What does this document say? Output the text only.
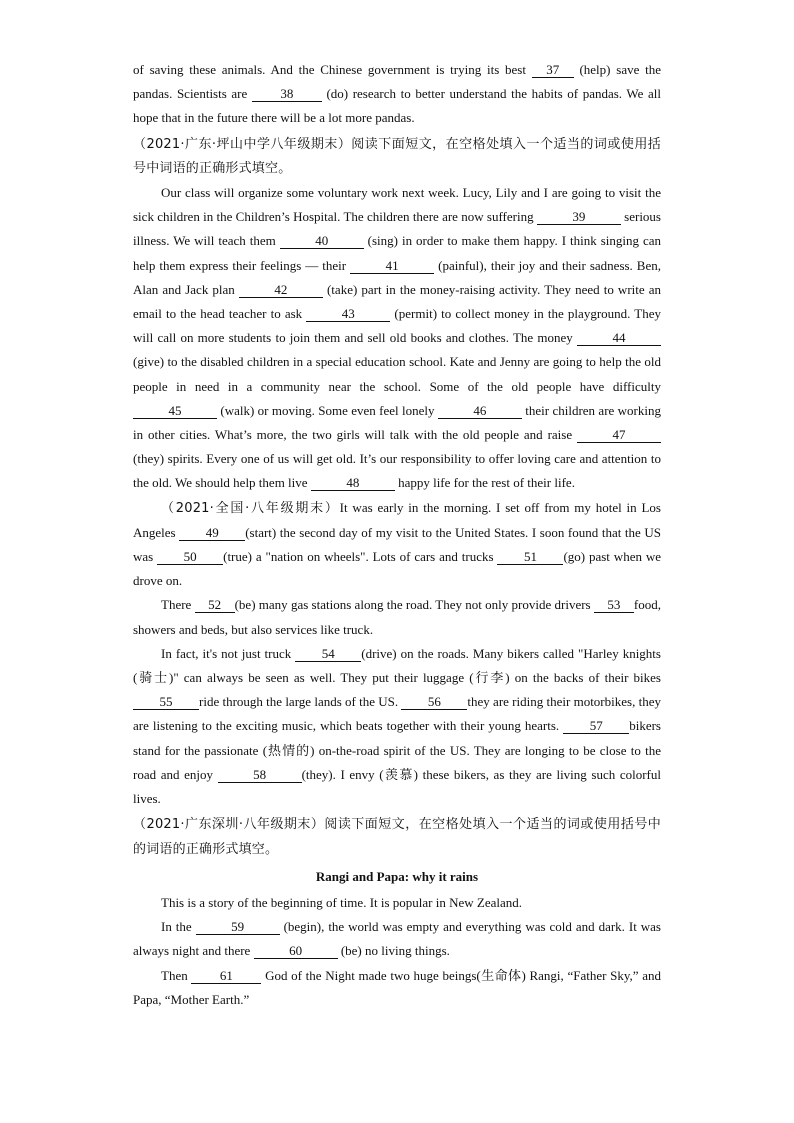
of saving these animals. And the Chinese government is trying its best 37 (help) save the pandas. Scientists are 38 (do) research to better understand the habits of pandas. We all hope that in the future there will be a lot more pandas.

（2021·广东·坪山中学八年级期末）阅读下面短文，在空格处填入一个适当的词或使用括号中词语的正确形式填空。

Our class will organize some voluntary work next week. Lucy, Lily and I are going to visit the sick children in the Children’s Hospital. The children there are now suffering	39	serious illness. We will teach them	40	(sing) in order to make them happy. I think singing can help them express their feelings — their	41	(painful), their joy and their sadness. Ben, Alan and Jack plan	42	(take) part in the money-raising activity. They need to write an email to the head teacher to ask	43	(permit) to collect money in the playground. They will call on more students to join them and sell old books and clothes. The money	44 (give) to the disabled children in a special education school. Kate and Jenny are going to help the old people in need in a community near the school. Some of the old people have difficulty 45	(walk) or moving. Some even feel lonely	46	their children are working in other cities. What’s more, the two girls will talk with the old people and raise	47 (they) spirits. Every one of us will get old. It’s our responsibility to offer loving care and attention to the old. We should help them live	48	happy life for the rest of their life.

（2021·全国·八年级期末）It was early in the morning. I set off from my hotel in Los Angeles 49 (start) the second day of my visit to the United States. I soon found that the US was 50 (true) a "nation on wheels". Lots of cars and trucks 51 (go) past when we drove on.

There 52 (be) many gas stations along the road. They not only provide drivers 53 food, showers and beds, but also services like truck.

In fact, it's not just truck 54 (drive) on the roads. Many bikers called "Harley knights (骑士)" can always be seen as well. They put their luggage (行李) on the backs of their bikes 55 ride through the large lands of the US. 56 they are riding their motorbikes, they are listening to the exciting music, which beats together with their young hearts. 57 bikers stand for the passionate (热情的) on-the-road spirit of the US. They are longing to be close to the road and enjoy	58	(they). I envy (羡慕) these bikers, as they are living such colorful lives.

（2021·广东深圳·八年级期末）阅读下面短文，在空格处填入一个适当的词或使用括号中的词语的正确形式填空。

Rangi and Papa: why it rains

This is a story of the beginning of time. It is popular in New Zealand.

In the	59	(begin), the world was empty and everything was cold and dark. It was always night and there	60	(be) no living things.

Then 61 God of the Night made two huge beings(生命体) Rangi, “Father Sky,” and Papa, “Mother Earth.”
